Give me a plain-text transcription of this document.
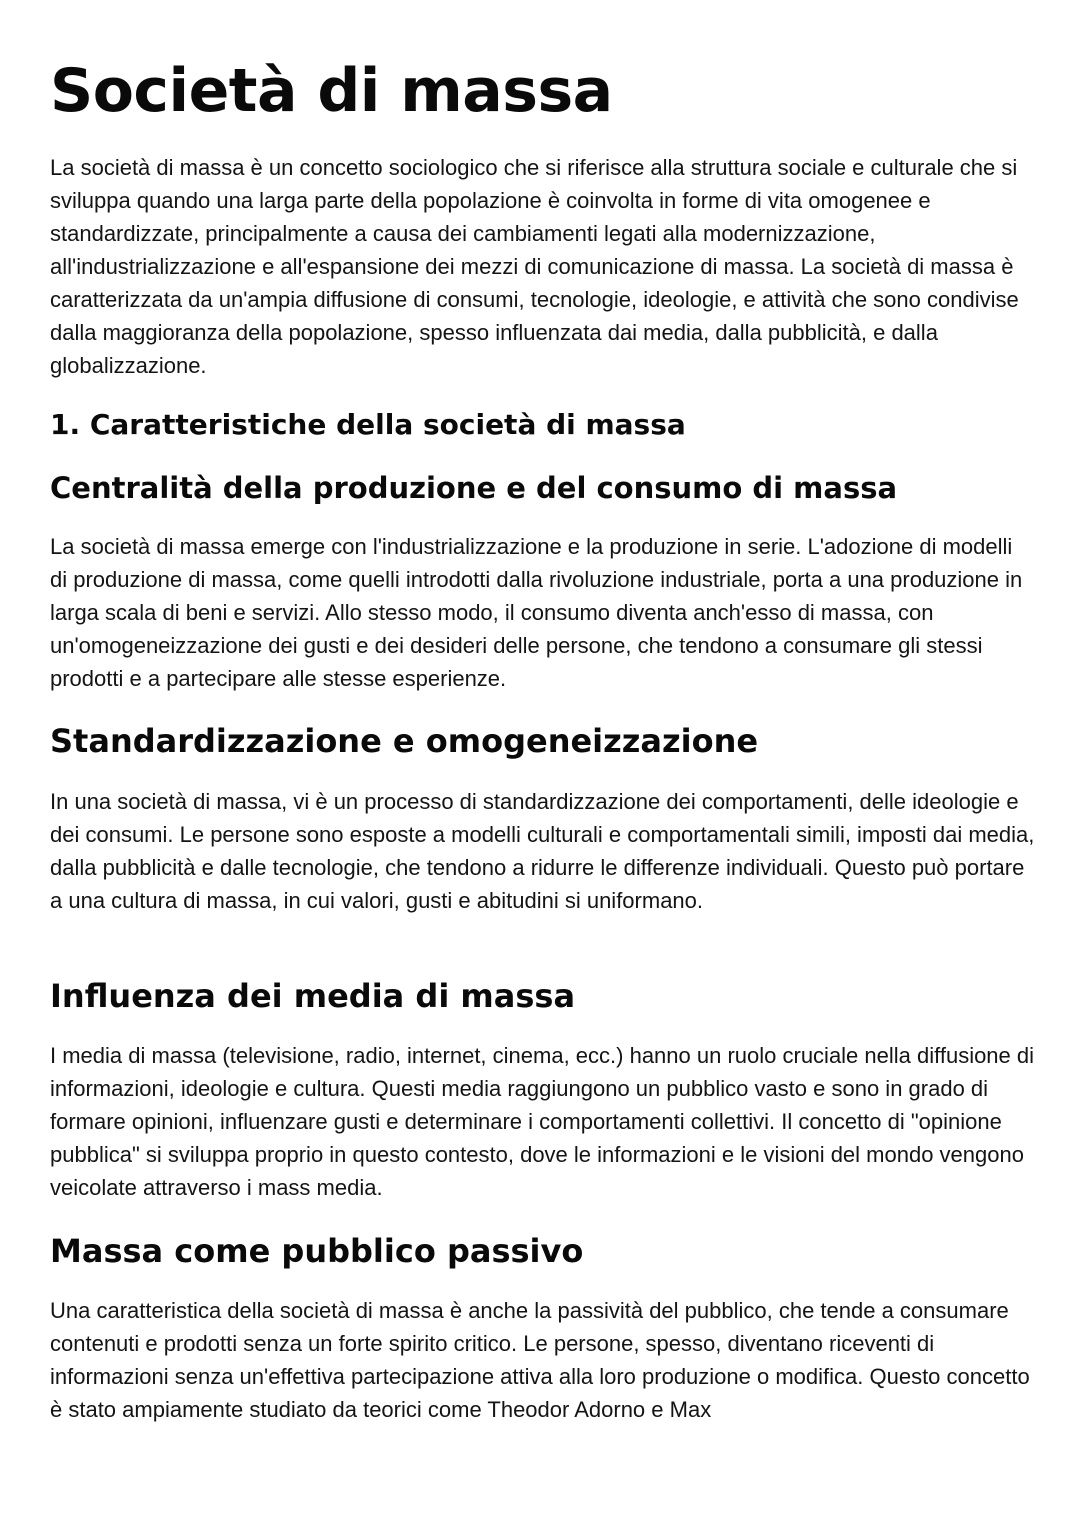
Società di massa

La società di massa è un concetto sociologico che si riferisce alla struttura sociale e culturale che si sviluppa quando una larga parte della popolazione è coinvolta in forme di vita omogenee e standardizzate, principalmente a causa dei cambiamenti legati alla modernizzazione, all'industrializzazione e all'espansione dei mezzi di comunicazione di massa. La società di massa è caratterizzata da un'ampia diffusione di consumi, tecnologie, ideologie, e attività che sono condivise dalla maggioranza della popolazione, spesso influenzata dai media, dalla pubblicità, e dalla globalizzazione.

1. Caratteristiche della società di massa
Centralità della produzione e del consumo di massa

La società di massa emerge con l'industrializzazione e la produzione in serie. L'adozione di modelli di produzione di massa, come quelli introdotti dalla rivoluzione industriale, porta a una produzione in larga scala di beni e servizi. Allo stesso modo, il consumo diventa anch'esso di massa, con un'omogeneizzazione dei gusti e dei desideri delle persone, che tendono a consumare gli stessi prodotti e a partecipare alle stesse esperienze.

Standardizzazione e omogeneizzazione

In una società di massa, vi è un processo di standardizzazione dei comportamenti, delle ideologie e dei consumi. Le persone sono esposte a modelli culturali e comportamentali simili, imposti dai media, dalla pubblicità e dalle tecnologie, che tendono a ridurre le differenze individuali. Questo può portare a una cultura di massa, in cui valori, gusti e abitudini si uniformano.

Influenza dei media di massa

I media di massa (televisione, radio, internet, cinema, ecc.) hanno un ruolo cruciale nella diffusione di informazioni, ideologie e cultura. Questi media raggiungono un pubblico vasto e sono in grado di formare opinioni, influenzare gusti e determinare i comportamenti collettivi. Il concetto di "opinione pubblica" si sviluppa proprio in questo contesto, dove le informazioni e le visioni del mondo vengono veicolate attraverso i mass media.

Massa come pubblico passivo

Una caratteristica della società di massa è anche la passività del pubblico, che tende a consumare contenuti e prodotti senza un forte spirito critico. Le persone, spesso, diventano riceventi di informazioni senza un'effettiva partecipazione attiva alla loro produzione o modifica. Questo concetto è stato ampiamente studiato da teorici come Theodor Adorno e Max
